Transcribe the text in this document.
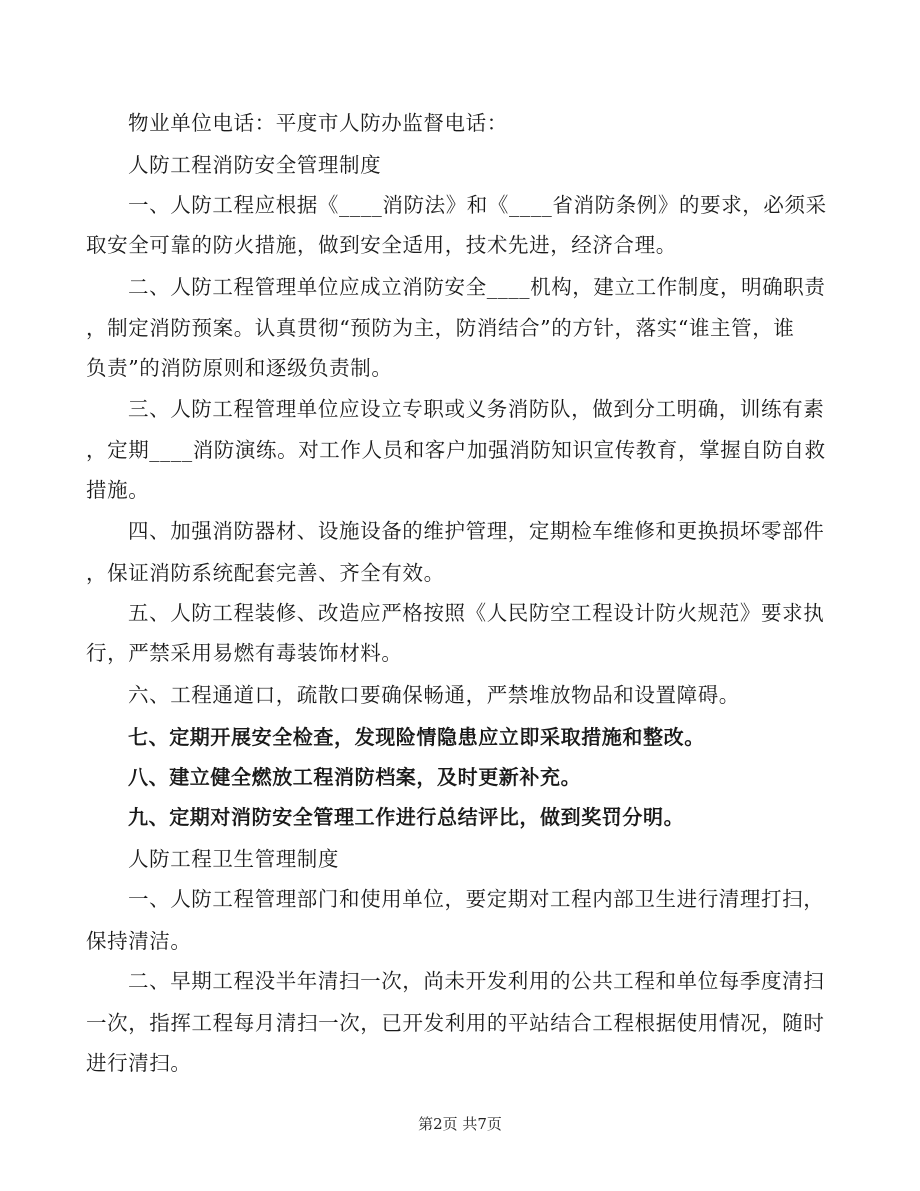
物业单位电话：平度市人防办监督电话：
人防工程消防安全管理制度
一、人防工程应根据《____消防法》和《____省消防条例》的要求，必须采
取安全可靠的防火措施，做到安全适用，技术先进，经济合理。
二、人防工程管理单位应成立消防安全____机构，建立工作制度，明确职责
，制定消防预案。认真贯彻“预防为主，防消结合”的方针，落实“谁主管，谁
负责”的消防原则和逐级负责制。
三、人防工程管理单位应设立专职或义务消防队，做到分工明确，训练有素
，定期____消防演练。对工作人员和客户加强消防知识宣传教育，掌握自防自救
措施。
四、加强消防器材、设施设备的维护管理，定期检车维修和更换损坏零部件
，保证消防系统配套完善、齐全有效。
五、人防工程装修、改造应严格按照《人民防空工程设计防火规范》要求执
行，严禁采用易燃有毒装饰材料。
六、工程通道口，疏散口要确保畅通，严禁堆放物品和设置障碍。
七、定期开展安全检查，发现险情隐患应立即采取措施和整改。
八、建立健全燃放工程消防档案，及时更新补充。
九、定期对消防安全管理工作进行总结评比，做到奖罚分明。
人防工程卫生管理制度
一、人防工程管理部门和使用单位，要定期对工程内部卫生进行清理打扫，
保持清洁。
二、早期工程没半年清扫一次，尚未开发利用的公共工程和单位每季度清扫
一次，指挥工程每月清扫一次，已开发利用的平站结合工程根据使用情况，随时
进行清扫。
第2页 共7页
